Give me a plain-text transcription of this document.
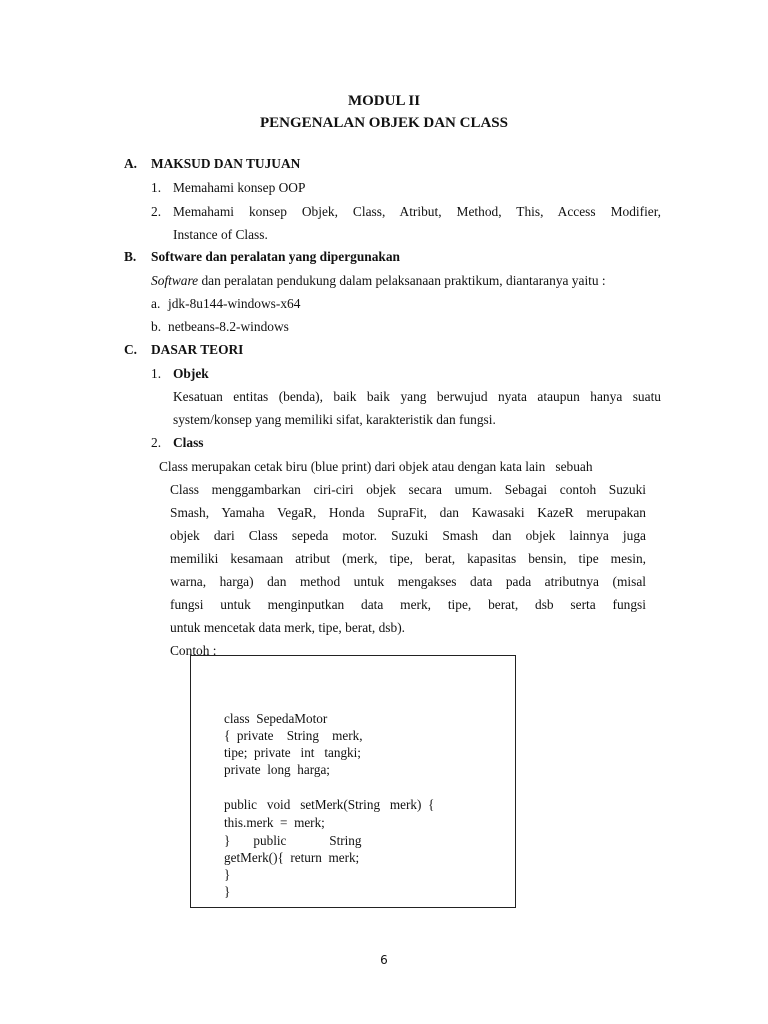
MODUL II
PENGENALAN OBJEK DAN CLASS
A. MAKSUD DAN TUJUAN
1. Memahami konsep OOP
2. Memahami konsep Objek, Class, Atribut, Method, This, Access Modifier,
Instance of Class.
B. Software dan peralatan yang dipergunakan
Software dan peralatan pendukung dalam pelaksanaan praktikum, diantaranya yaitu :
a. jdk-8u144-windows-x64
b. netbeans-8.2-windows
C. DASAR TEORI
1. Objek
Kesatuan entitas (benda), baik baik yang berwujud nyata ataupun hanya suatu
system/konsep yang memiliki sifat, karakteristik dan fungsi.
2. Class
Class merupakan cetak biru (blue print) dari objek atau dengan kata lain   sebuah
Class menggambarkan ciri-ciri objek secara umum. Sebagai contoh Suzuki
Smash, Yamaha VegaR, Honda SupraFit, dan Kawasaki KazeR merupakan
objek dari Class sepeda motor. Suzuki Smash dan objek lainnya juga
memiliki kesamaan atribut (merk, tipe, berat, kapasitas bensin, tipe mesin,
warna, harga) dan method untuk mengakses data pada atributnya (misal
fungsi untuk menginputkan data merk, tipe, berat, dsb serta fungsi
untuk mencetak data merk, tipe, berat, dsb).
Contoh :
class  SepedaMotor
{  private    String    merk,
tipe;  private   int   tangki;
private  long  harga;
public   void   setMerk(String   merk)  {
this.merk  =  merk;
}       public             String
getMerk(){  return  merk;
}
}
6
